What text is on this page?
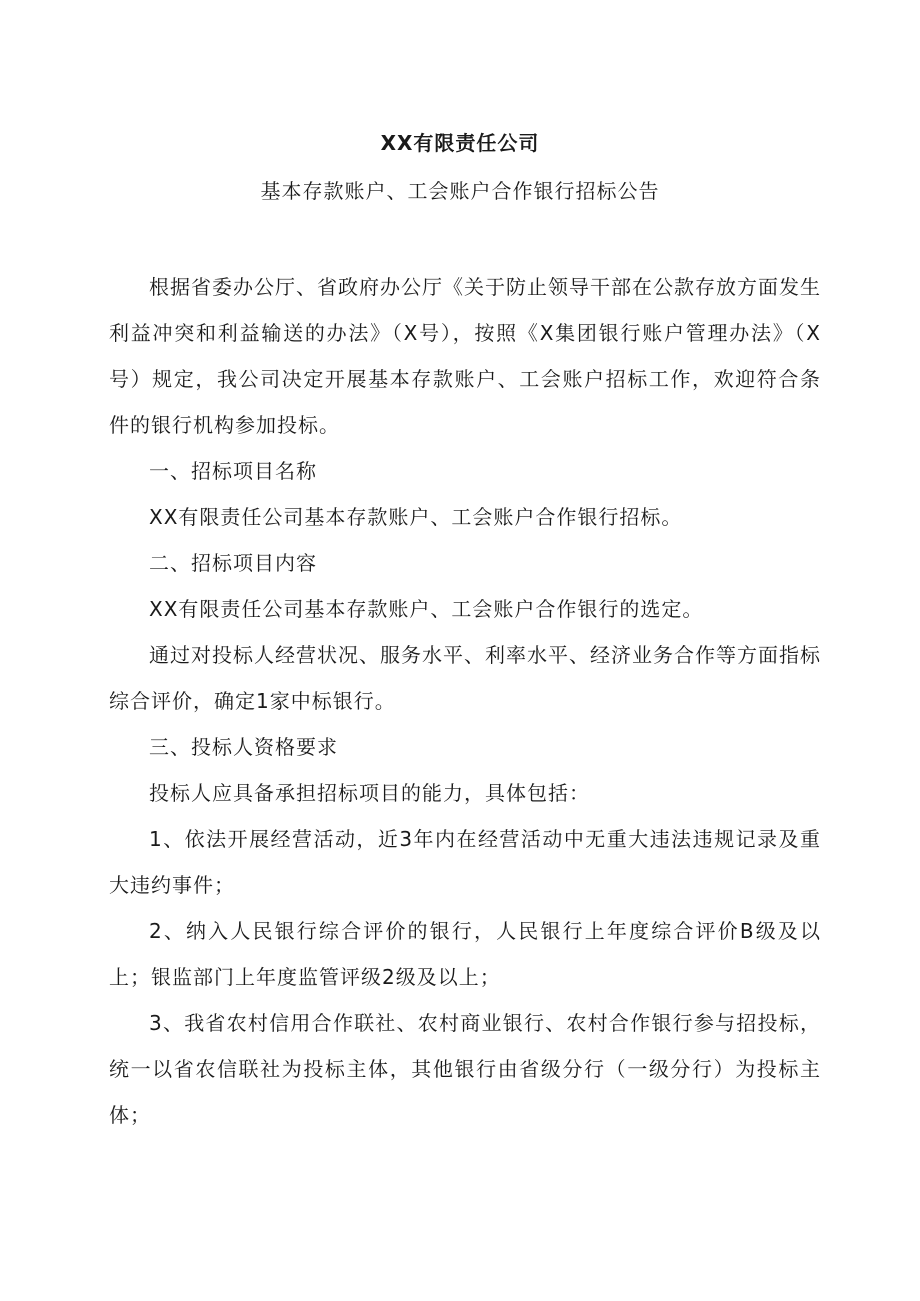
XX有限责任公司
基本存款账户、工会账户合作银行招标公告

根据省委办公厅、省政府办公厅《关于防止领导干部在公款存放方面发生利益冲突和利益输送的办法》（X号），按照《X集团银行账户管理办法》（X号）规定，我公司决定开展基本存款账户、工会账户招标工作，欢迎符合条件的银行机构参加投标。

一、招标项目名称

XX有限责任公司基本存款账户、工会账户合作银行招标。

二、招标项目内容

XX有限责任公司基本存款账户、工会账户合作银行的选定。

通过对投标人经营状况、服务水平、利率水平、经济业务合作等方面指标综合评价，确定1家中标银行。

三、投标人资格要求

投标人应具备承担招标项目的能力，具体包括：

1、依法开展经营活动，近3年内在经营活动中无重大违法违规记录及重大违约事件；

2、纳入人民银行综合评价的银行，人民银行上年度综合评价B级及以上；银监部门上年度监管评级2级及以上；

3、我省农村信用合作联社、农村商业银行、农村合作银行参与招投标，统一以省农信联社为投标主体，其他银行由省级分行（一级分行）为投标主体；
